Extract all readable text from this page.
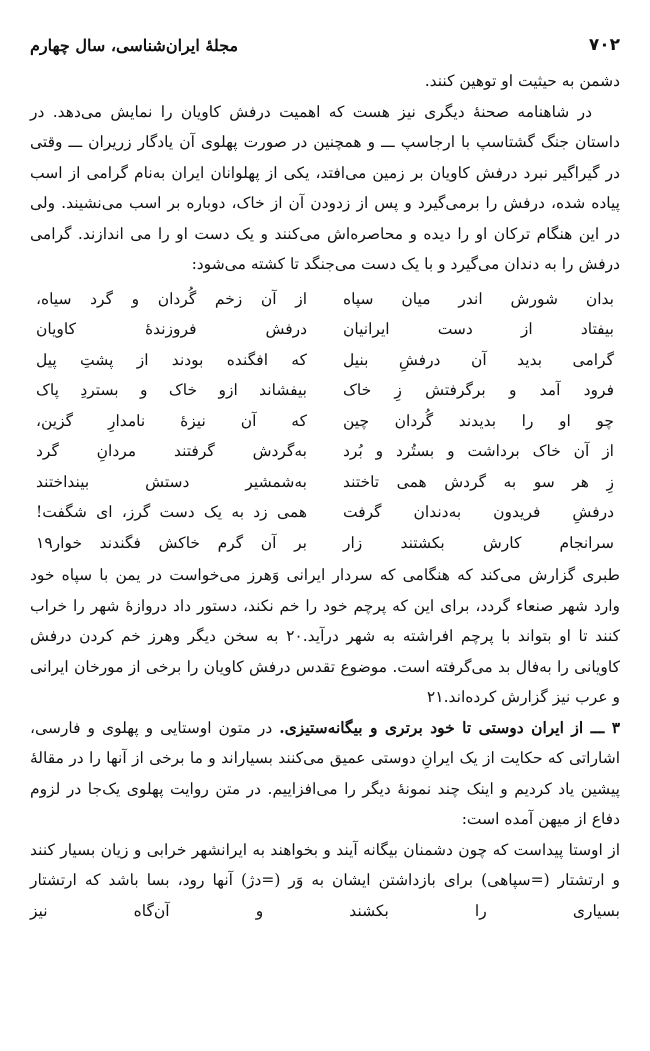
۷۰۲
مجلهٔ ایران‌شناسی، سال چهارم

دشمن به حیثیت او توهین کنند.

در شاهنامه صحنهٔ دیگری نیز هست که اهمیت درفش کاویان را نمایش می‌دهد. در داستان جنگ گشتاسپ با ارجاسپ ـــ و همچنین در صورت پهلوی آن یادگار زریران ـــ وقتی در گیراگیر نبرد درفش کاویان بر زمین می‌افتد، یکی از پهلوانان ایران به‌نام گرامی از اسب پیاده شده، درفش را برمی‌گیرد و پس از زدودن آن از خاک، دوباره بر اسب می‌نشیند. ولی در این هنگام ترکان او را دیده و محاصره‌اش می‌کنند و یک دست او را می اندازند. گرامی درفش را به دندان می‌گیرد و با یک دست می‌جنگد تا کشته می‌شود:

بدان شورش اندر میان سپاه
از آن زخم گُردان و گرد سیاه،
بیفتاد از دست ایرانیان
درفش فروزندهٔ کاویان
گرامی بدید آن درفشِ بنیل
که افگنده بودند از پشتِ پیل
فرود آمد و برگرفتش زِ خاک
بیفشاند ازو خاک و بستردِ پاک
چو او را بدیدند گُردان چین
که آن نیزهٔ نامدارِ گزین،
از آن خاک برداشت و بستُرد و بُرد
به‌گردش گرفتند مردانِ گرد
زِ هر سو به گردش همی تاختند
به‌شمشیر دستش بینداختند
درفشِ فریدون به‌دندان گرفت
همی زد به یک دست گرز، ای شگفت!
سرانجام کارش بکشتند زار
بر آن گرم خاکش فگندند خوار۱۹

طبری گزارش می‌کند که هنگامی که سردار ایرانی وَهرز می‌خواست در یمن با سپاه خود وارد شهر صنعاء گردد، برای این که پرچم خود را خم نکند، دستور داد دروازهٔ شهر را خراب کنند تا او بتواند با پرچم افراشته به شهر درآید.۲۰ به سخن دیگر وهرز خم کردن درفش کاویانی را به‌فال بد می‌گرفته است. موضوع تقدس درفش کاویان را برخی از مورخان ایرانی و عرب نیز گزارش کرده‌اند.۲۱

۳ ـــ از ایران دوستی تا خود برتری و بیگانه‌ستیزی. در متون اوستایی و پهلوی و فارسی، اشاراتی که حکایت از یک ایرانِ دوستی عمیق می‌کنند بسیاراند و ما برخی از آنها را در مقالهٔ پیشین یاد کردیم و اینک چند نمونهٔ دیگر را می‌افزاییم. در متن روایت پهلوی یک‌جا در لزوم دفاع از میهن آمده است:

از اوستا پیداست که چون دشمنان بیگانه آیند و بخواهند به ایرانشهر خرابی و زیان بسیار کنند و ارتشتار (=سپاهی) برای بازداشتن ایشان به وَر (=دژ) آنها رود، بسا باشد که ارتشتار بسیاری را بکشند و آن‌گاه نیز
